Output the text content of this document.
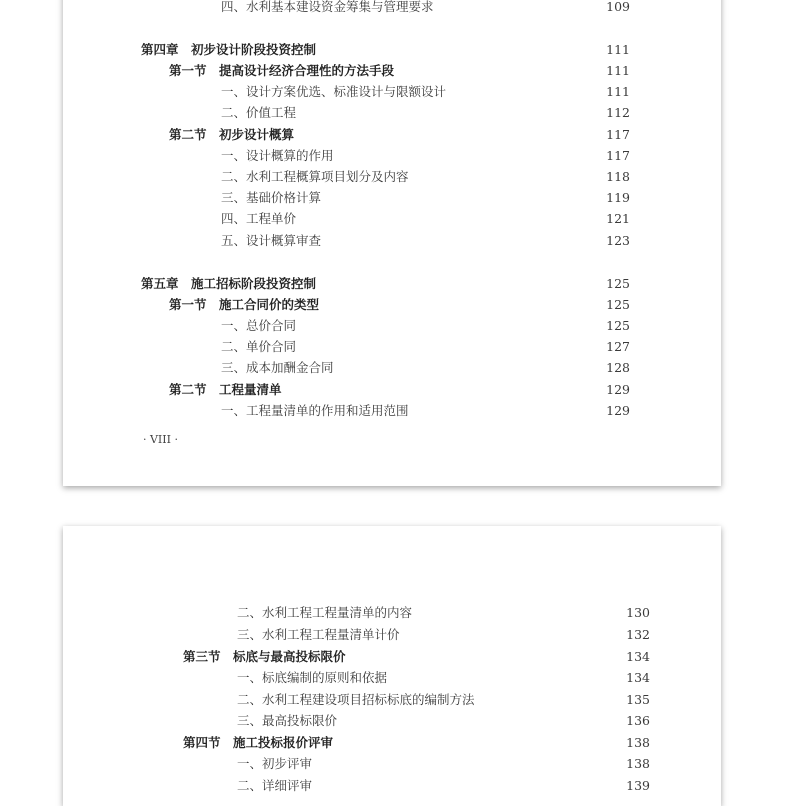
四、水利基本建设资金筹集与管理要求	109
第四章　初步设计阶段投资控制	111
第一节　提高设计经济合理性的方法手段	111
一、设计方案优选、标准设计与限额设计	111
二、价值工程	112
第二节　初步设计概算	117
一、设计概算的作用	117
二、水利工程概算项目划分及内容	118
三、基础价格计算	119
四、工程单价	121
五、设计概算审查	123
第五章　施工招标阶段投资控制	125
第一节　施工合同价的类型	125
一、总价合同	125
二、单价合同	127
三、成本加酬金合同	128
第二节　工程量清单	129
一、工程量清单的作用和适用范围	129
· VIII ·
二、水利工程工程量清单的内容	130
三、水利工程工程量清单计价	132
第三节　标底与最高投标限价	134
一、标底编制的原则和依据	134
二、水利工程建设项目招标标底的编制方法	135
三、最高投标限价	136
第四节　施工投标报价评审	138
一、初步评审	138
二、详细评审	139
